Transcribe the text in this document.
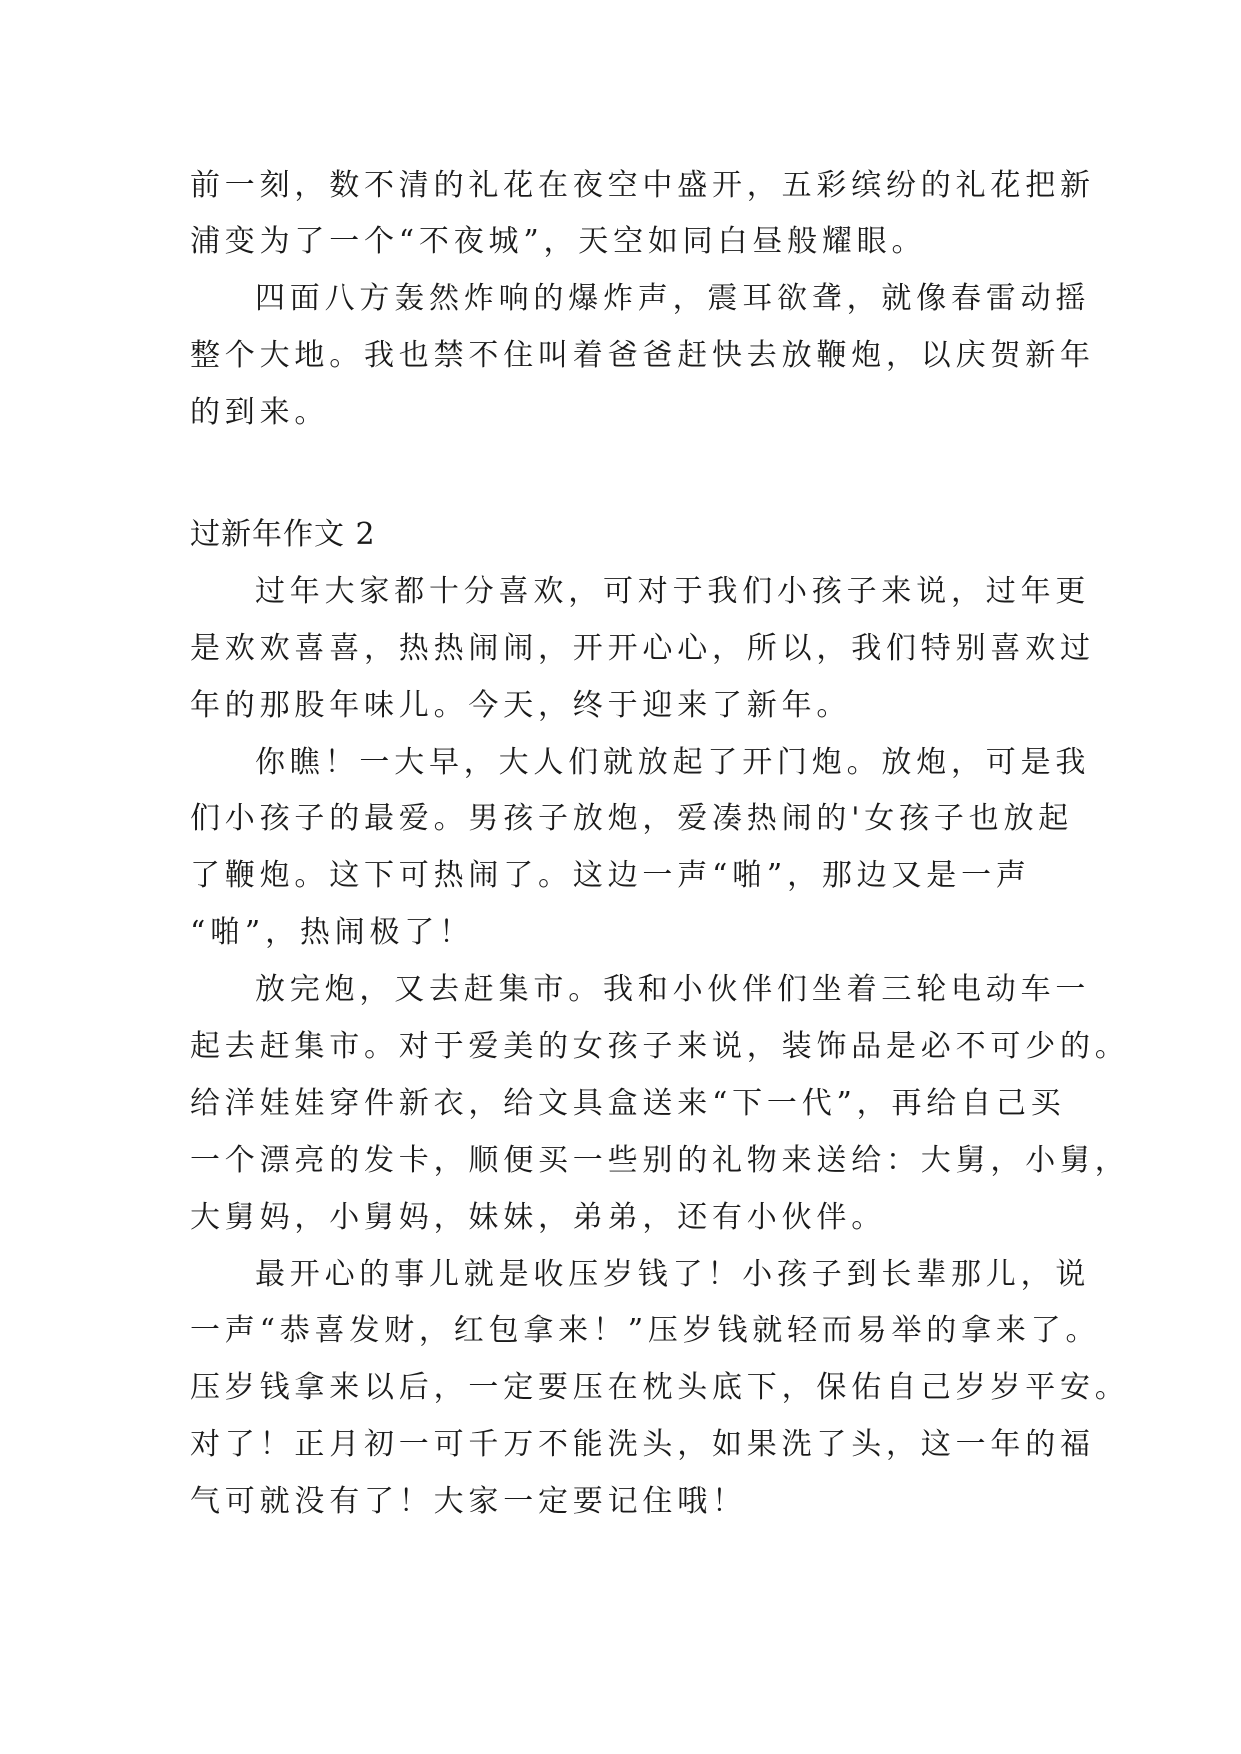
前一刻，数不清的礼花在夜空中盛开，五彩缤纷的礼花把新
浦变为了一个“不夜城”，天空如同白昼般耀眼。
四面八方轰然炸响的爆炸声，震耳欲聋，就像春雷动摇
整个大地。我也禁不住叫着爸爸赶快去放鞭炮，以庆贺新年
的到来。
过新年作文 2
过年大家都十分喜欢，可对于我们小孩子来说，过年更
是欢欢喜喜，热热闹闹，开开心心，所以，我们特别喜欢过
年的那股年味儿。今天，终于迎来了新年。
你瞧！一大早，大人们就放起了开门炮。放炮，可是我
们小孩子的最爱。男孩子放炮，爱凑热闹的'女孩子也放起
了鞭炮。这下可热闹了。这边一声“啪”，那边又是一声
“啪”，热闹极了！
放完炮，又去赶集市。我和小伙伴们坐着三轮电动车一
起去赶集市。对于爱美的女孩子来说，装饰品是必不可少的。
给洋娃娃穿件新衣，给文具盒送来“下一代”，再给自己买
一个漂亮的发卡，顺便买一些别的礼物来送给：大舅，小舅，
大舅妈，小舅妈，妹妹，弟弟，还有小伙伴。
最开心的事儿就是收压岁钱了！小孩子到长辈那儿，说
一声“恭喜发财，红包拿来！”压岁钱就轻而易举的拿来了。
压岁钱拿来以后，一定要压在枕头底下，保佑自己岁岁平安。
对了！正月初一可千万不能洗头，如果洗了头，这一年的福
气可就没有了！大家一定要记住哦！
